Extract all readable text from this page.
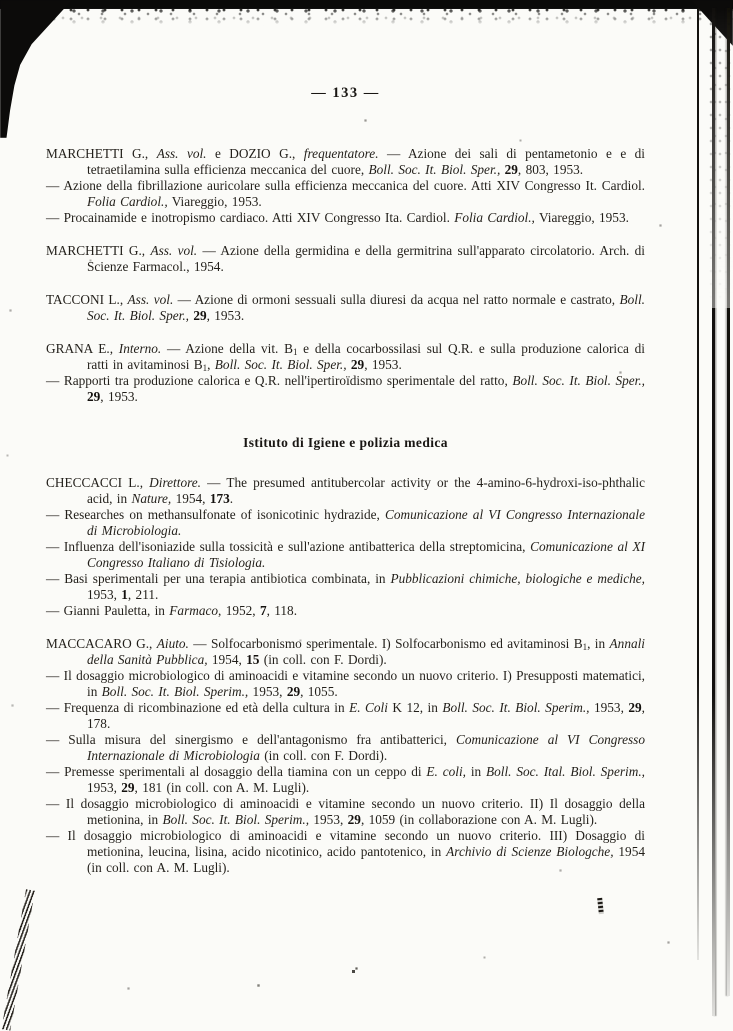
— 133 —

MARCHETTI G., Ass. vol. e DOZIO G., frequentatore. — Azione dei sali di pentametonio e e di tetraetilamina sulla efficienza meccanica del cuore, Boll. Soc. It. Biol. Sper., 29, 803, 1953.

— Azione della fibrillazione auricolare sulla efficienza meccanica del cuore. Atti XIV Congresso It. Cardiol. Folia Cardiol., Viareggio, 1953.

— Procainamide e inotropismo cardiaco. Atti XIV Congresso Ita. Cardiol. Folia Cardiol., Viareggio, 1953.

MARCHETTI G., Ass. vol. — Azione della germidina e della germitrina sull'apparato circolatorio. Arch. di Scienze Farmacol., 1954.

TACCONI L., Ass. vol. — Azione di ormoni sessuali sulla diuresi da acqua nel ratto normale e castrato, Boll. Soc. It. Biol. Sper., 29, 1953.

GRANA E., Interno. — Azione della vit. $B_1$ e della cocarbossilasi sul Q.R. e sulla produzione calorica di ratti in avitaminosi $B_1$, Boll. Soc. It. Biol. Sper., 29, 1953.

— Rapporti tra produzione calorica e Q.R. nell'ipertiroïdismo sperimentale del ratto, Boll. Soc. It. Biol. Sper., 29, 1953.

Istituto di Igiene e polizia medica

CHECCACCI L., Direttore. — The presumed antitubercolar activity or the 4-amino-6-hydroxi-iso-phthalic acid, in Nature, 1954, 173.

— Researches on methansulfonate of isonicotinic hydrazide, Comunicazione al VI Congresso Internazionale di Microbiologia.

— Influenza dell'isoniazide sulla tossicità e sull'azione antibatterica della streptomicina, Comunicazione al XI Congresso Italiano di Tisiologia.

— Basi sperimentali per una terapia antibiotica combinata, in Pubblicazioni chimiche, biologiche e mediche, 1953, 1, 211.

— Gianni Pauletta, in Farmaco, 1952, 7, 118.

MACCACARO G., Aiuto. — Solfocarbonismo sperimentale. I) Solfocarbonismo ed avitaminosi $B_1$, in Annali della Sanità Pubblica, 1954, 15 (in coll. con F. Dordi).

— Il dosaggio microbiologico di aminoacidi e vitamine secondo un nuovo criterio. I) Presupposti matematici, in Boll. Soc. It. Biol. Sperim., 1953, 29, 1055.

— Frequenza di ricombinazione ed età della cultura in E. Coli K 12, in Boll. Soc. It. Biol. Sperim., 1953, 29, 178.

— Sulla misura del sinergismo e dell'antagonismo fra antibatterici, Comunicazione al VI Congresso Internazionale di Microbiologia (in coll. con F. Dordi).

— Premesse sperimentali al dosaggio della tiamina con un ceppo di E. coli, in Boll. Soc. Ital. Biol. Sperim., 1953, 29, 181 (in coll. con A. M. Lugli).

— Il dosaggio microbiologico di aminoacidi e vitamine secondo un nuovo criterio. II) Il dosaggio della metionina, in Boll. Soc. It. Biol. Sperim., 1953, 29, 1059 (in collaborazione con A. M. Lugli).

— Il dosaggio microbiologico di aminoacidi e vitamine secondo un nuovo criterio. III) Dosaggio di metionina, leucina, lisina, acido nicotinico, acido pantotenico, in Archivio di Scienze Biologche, 1954 (in coll. con A. M. Lugli).
